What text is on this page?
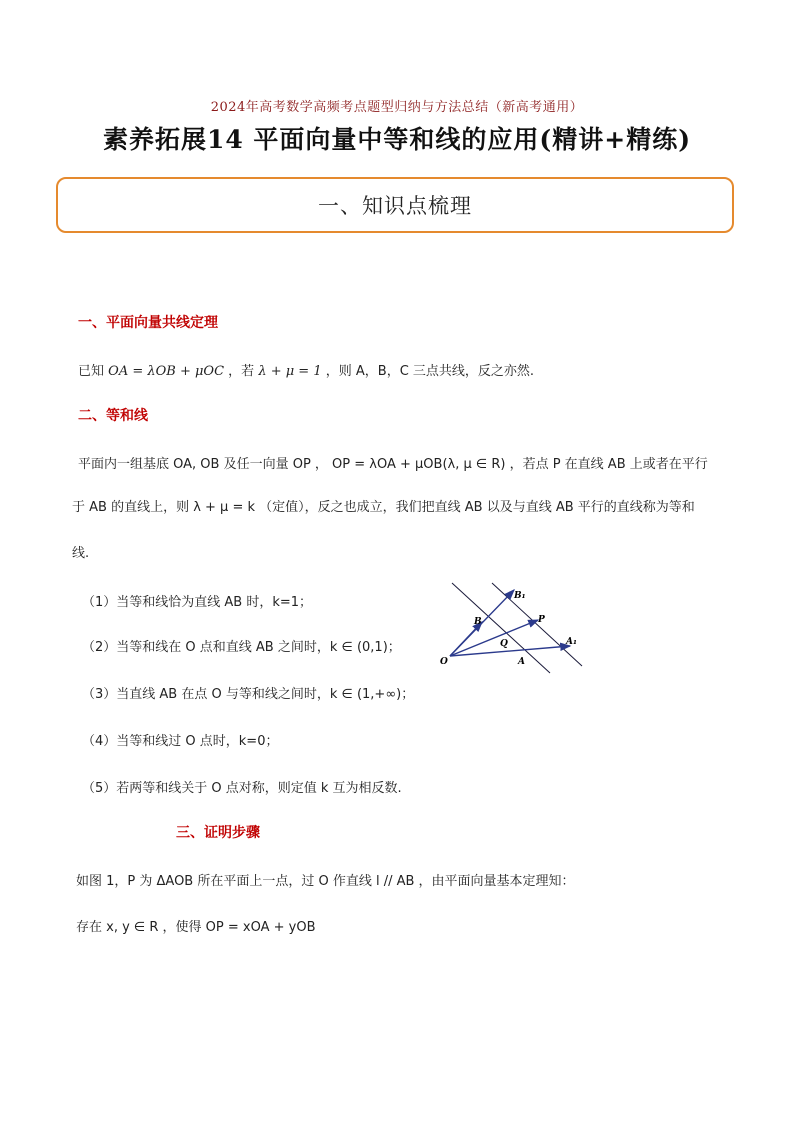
2024年高考数学高频考点题型归纳与方法总结（新高考通用）
素养拓展14 平面向量中等和线的应用(精讲+精练)
一、知识点梳理
一、平面向量共线定理
已知 OA = λOB + μOC ，若 λ + μ = 1 ，则 A，B，C 三点共线，反之亦然.
二、等和线
平面内一组基底 OA, OB 及任一向量 OP ， OP = λOA + μOB(λ, μ ∈ R) ，若点 P 在直线 AB 上或者在平行
于 AB 的直线上，则 λ + μ = k （定值），反之也成立，我们把直线 AB 以及与直线 AB 平行的直线称为等和
线.
（1）当等和线恰为直线 AB 时，k=1；
（2）当等和线在 O 点和直线 AB 之间时，k ∈ (0,1)；
（3）当直线 AB 在点 O 与等和线之间时，k ∈ (1,+∞)；
（4）当等和线过 O 点时，k=0；
（5）若两等和线关于 O 点对称，则定值 k 互为相反数.
O
B
B₁
P
Q
A
A₁
三、证明步骤
如图 1，P 为 ΔAOB 所在平面上一点，过 O 作直线 l // AB ，由平面向量基本定理知：
存在 x, y ∈ R ，使得 OP = xOA + yOB
